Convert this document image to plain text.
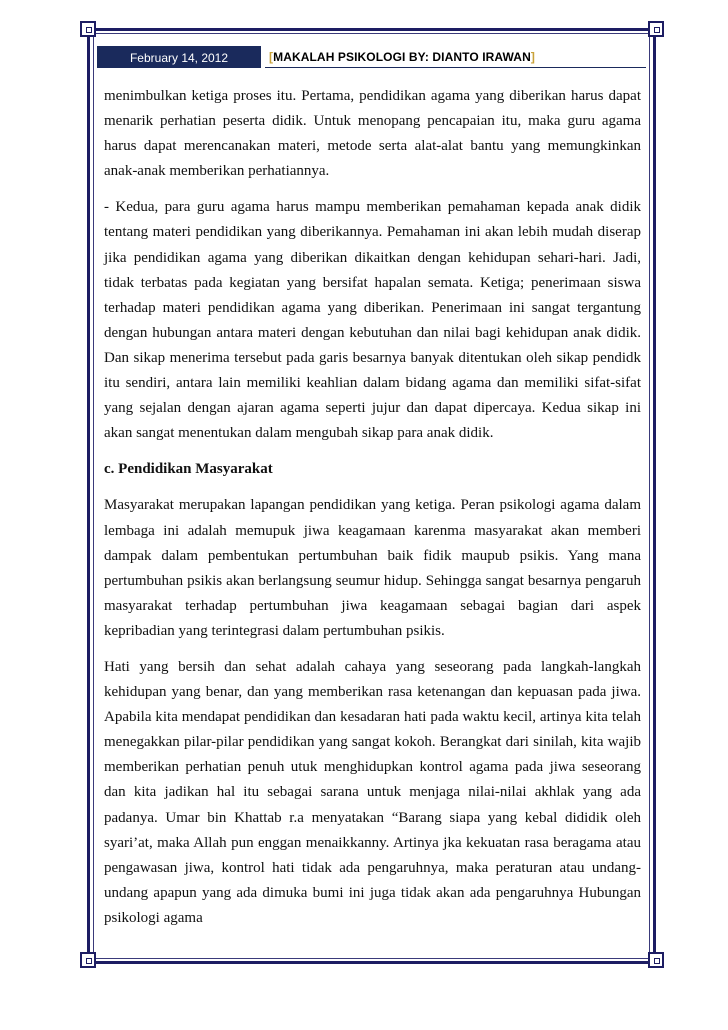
February 14, 2012	[ MAKALAH PSIKOLOGI BY: DIANTO IRAWAN ]

menimbulkan ketiga proses itu. Pertama, pendidikan agama yang diberikan harus dapat menarik perhatian peserta didik. Untuk menopang pencapaian itu, maka guru agama harus dapat merencanakan materi, metode serta alat-alat bantu yang memungkinkan anak-anak memberikan perhatiannya.

- Kedua, para guru agama harus mampu memberikan pemahaman kepada anak didik tentang materi pendidikan yang diberikannya. Pemahaman ini akan lebih mudah diserap jika pendidikan agama yang diberikan dikaitkan dengan kehidupan sehari-hari. Jadi, tidak terbatas pada kegiatan yang bersifat hapalan semata. Ketiga; penerimaan siswa terhadap materi pendidikan agama yang diberikan. Penerimaan ini sangat tergantung dengan hubungan antara materi dengan kebutuhan dan nilai bagi kehidupan anak didik. Dan sikap menerima tersebut pada garis besarnya banyak ditentukan oleh sikap pendidk itu sendiri, antara lain memiliki keahlian dalam bidang agama dan memiliki sifat-sifat yang sejalan dengan ajaran agama seperti jujur dan dapat dipercaya. Kedua sikap ini akan sangat menentukan dalam mengubah sikap para anak didik.

c. Pendidikan Masyarakat

Masyarakat merupakan lapangan pendidikan yang ketiga. Peran psikologi agama dalam lembaga ini adalah memupuk jiwa keagamaan karenma masyarakat akan memberi dampak dalam pembentukan pertumbuhan baik fidik maupub psikis. Yang mana pertumbuhan psikis akan berlangsung seumur hidup. Sehingga sangat besarnya pengaruh masyarakat terhadap pertumbuhan jiwa keagamaan sebagai bagian dari aspek kepribadian yang terintegrasi dalam pertumbuhan psikis.

Hati yang bersih dan sehat adalah cahaya yang seseorang pada langkah-langkah kehidupan yang benar, dan yang memberikan rasa ketenangan dan kepuasan pada jiwa. Apabila kita mendapat pendidikan dan kesadaran hati pada waktu kecil, artinya kita telah menegakkan pilar-pilar pendidikan yang sangat kokoh. Berangkat dari sinilah, kita wajib memberikan perhatian penuh utuk menghidupkan kontrol agama pada jiwa seseorang dan kita jadikan hal itu sebagai sarana untuk menjaga nilai-nilai akhlak yang ada padanya. Umar bin Khattab r.a menyatakan “Barang siapa yang kebal dididik oleh syari’at, maka Allah pun enggan menaikkanny. Artinya jka kekuatan rasa beragama atau pengawasan jiwa, kontrol hati tidak ada pengaruhnya, maka peraturan atau undang-undang apapun yang ada dimuka bumi ini juga tidak akan ada pengaruhnya Hubungan psikologi agama
